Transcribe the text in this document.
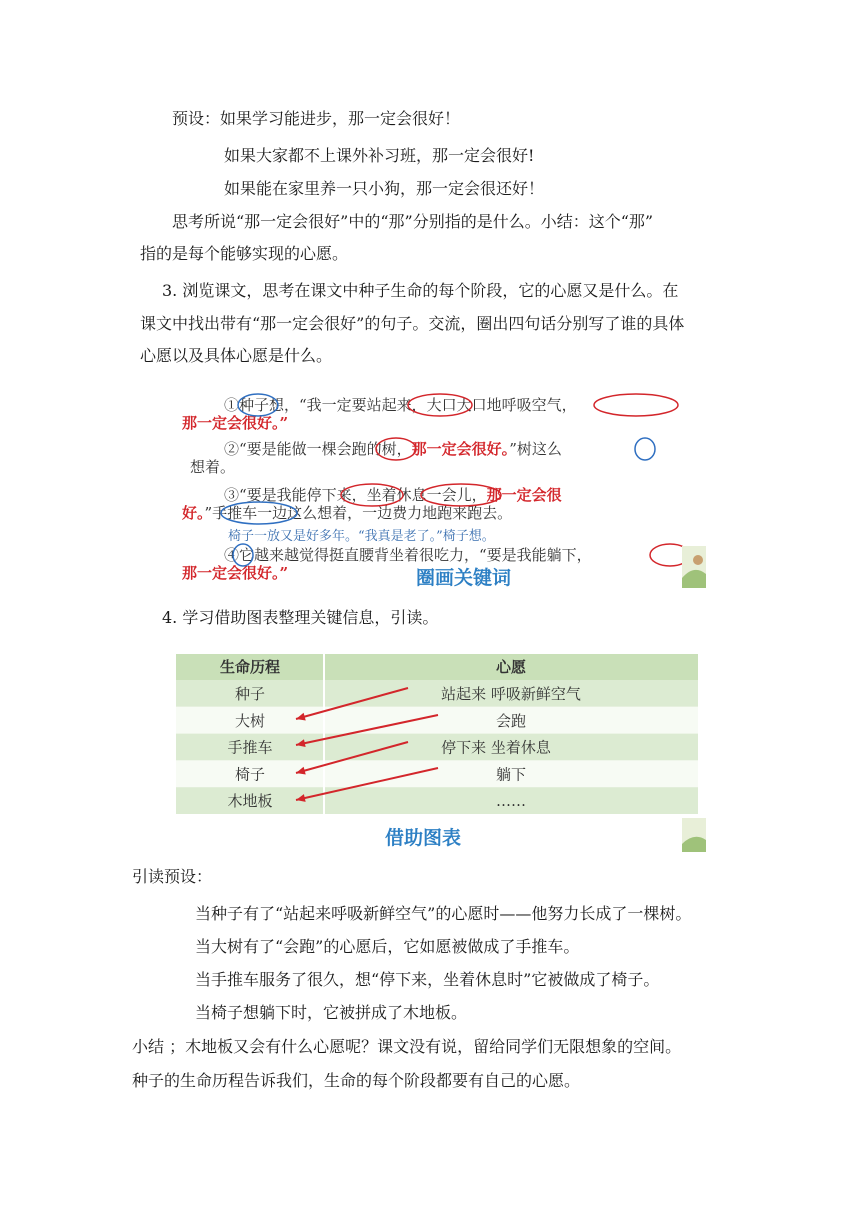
预设：如果学习能进步，那一定会很好！
如果大家都不上课外补习班，那一定会很好!
如果能在家里养一只小狗，那一定会很还好！
思考所说“那一定会很好”中的“那”分别指的是什么。小结：这个“那”
指的是每个能够实现的心愿。
3. 浏览课文，思考在课文中种子生命的每个阶段，它的心愿又是什么。在
课文中找出带有“那一定会很好”的句子。交流，圈出四句话分别写了谁的具体
心愿以及具体心愿是什么。
①种子想，“我一定要站起来，大口大口地呼吸空气，
那一定会很好。”
②“要是能做一棵会跑的树，那一定会很好。”树这么
想着。
③“要是我能停下来，坐着休息一会儿，那一定会很
好。”手推车一边这么想着，一边费力地跑来跑去。
椅子一放又是好多年。“我真是老了。”椅子想。
④它越来越觉得挺直腰背坐着很吃力，“要是我能躺下，
那一定会很好。”	圈画关键词
4. 学习借助图表整理关键信息，引读。
生命历程	心愿
种子	站起来 呼吸新鲜空气
大树	会跑
手推车	停下来 坐着休息
椅子	躺下
木地板	……
借助图表
引读预设：
当种子有了“站起来呼吸新鲜空气”的心愿时——他努力长成了一棵树。
当大树有了“会跑”的心愿后，它如愿被做成了手推车。
当手推车服务了很久，想“停下来，坐着休息时”它被做成了椅子。
当椅子想躺下时，它被拼成了木地板。
小结 ；木地板又会有什么心愿呢？课文没有说，留给同学们无限想象的空间。
种子的生命历程告诉我们，生命的每个阶段都要有自己的心愿。
